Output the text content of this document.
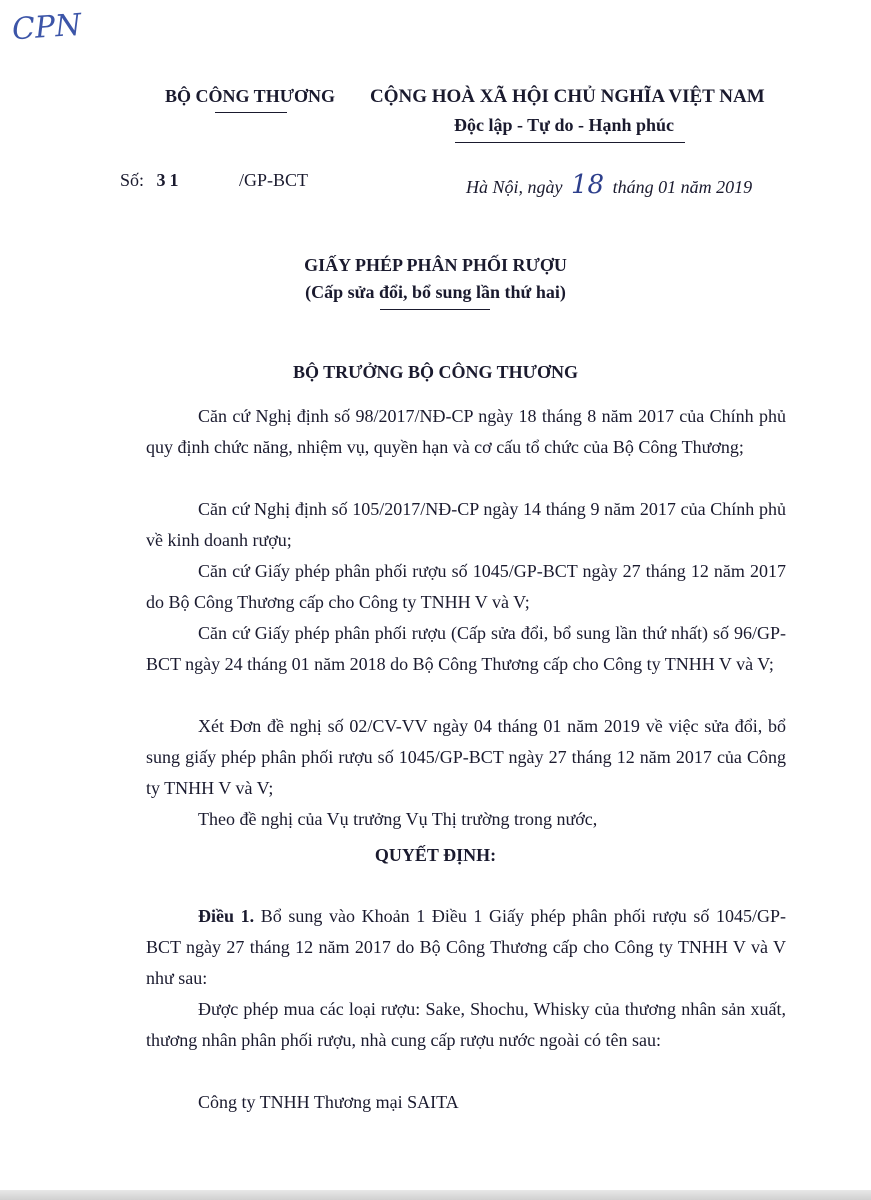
CPN
BỘ CÔNG THƯƠNG CỘNG HOÀ XÃ HỘI CHỦ NGHĨA VIỆT NAM
Độc lập - Tự do - Hạnh phúc
Số: 31	/GP-BCT	Hà Nội, ngày 18 tháng 01 năm 2019
GIẤY PHÉP PHÂN PHỐI RƯỢU
(Cấp sửa đổi, bổ sung lần thứ hai)
BỘ TRƯỞNG BỘ CÔNG THƯƠNG
Căn cứ Nghị định số 98/2017/NĐ-CP ngày 18 tháng 8 năm 2017 của Chính phủ quy định chức năng, nhiệm vụ, quyền hạn và cơ cấu tổ chức của Bộ Công Thương;
Căn cứ Nghị định số 105/2017/NĐ-CP ngày 14 tháng 9 năm 2017 của Chính phủ về kinh doanh rượu;
Căn cứ Giấy phép phân phối rượu số 1045/GP-BCT ngày 27 tháng 12 năm 2017 do Bộ Công Thương cấp cho Công ty TNHH V và V;
Căn cứ Giấy phép phân phối rượu (Cấp sửa đổi, bổ sung lần thứ nhất) số 96/GP-BCT ngày 24 tháng 01 năm 2018 do Bộ Công Thương cấp cho Công ty TNHH V và V;
Xét Đơn đề nghị số 02/CV-VV ngày 04 tháng 01 năm 2019 về việc sửa đổi, bổ sung giấy phép phân phối rượu số 1045/GP-BCT ngày 27 tháng 12 năm 2017 của Công ty TNHH V và V;
Theo đề nghị của Vụ trưởng Vụ Thị trường trong nước,
QUYẾT ĐỊNH:
Điều 1. Bổ sung vào Khoản 1 Điều 1 Giấy phép phân phối rượu số 1045/GP-BCT ngày 27 tháng 12 năm 2017 do Bộ Công Thương cấp cho Công ty TNHH V và V như sau:
Được phép mua các loại rượu: Sake, Shochu, Whisky của thương nhân sản xuất, thương nhân phân phối rượu, nhà cung cấp rượu nước ngoài có tên sau:
Công ty TNHH Thương mại SAITA
